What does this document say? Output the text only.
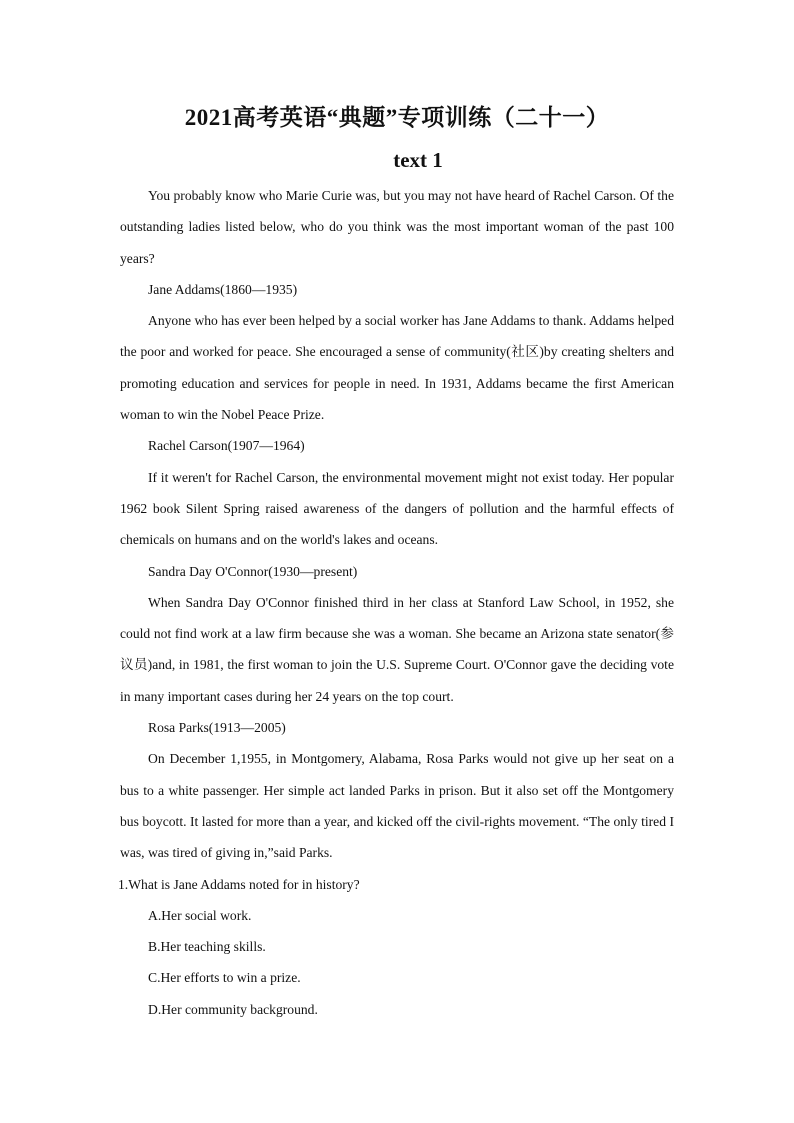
2021高考英语“典题”专项训练（二十一）
text 1

You probably know who Marie Curie was, but you may not have heard of Rachel Carson. Of the outstanding ladies listed below, who do you think was the most important woman of the past 100 years?

Jane Addams(1860—1935)

Anyone who has ever been helped by a social worker has Jane Addams to thank. Addams helped the poor and worked for peace. She encouraged a sense of community(社区)by creating shelters and promoting education and services for people in need. In 1931, Addams became the first American woman to win the Nobel Peace Prize.

Rachel Carson(1907—1964)

If it weren't for Rachel Carson, the environmental movement might not exist today. Her popular 1962 book Silent Spring raised awareness of the dangers of pollution and the harmful effects of chemicals on humans and on the world's lakes and oceans.

Sandra Day O'Connor(1930—present)

When Sandra Day O'Connor finished third in her class at Stanford Law School, in 1952, she could not find work at a law firm because she was a woman. She became an Arizona state senator(参议员)and, in 1981, the first woman to join the U.S. Supreme Court. O'Connor gave the deciding vote in many important cases during her 24 years on the top court.

Rosa Parks(1913—2005)

On December 1,1955, in Montgomery, Alabama, Rosa Parks would not give up her seat on a bus to a white passenger. Her simple act landed Parks in prison. But it also set off the Montgomery bus boycott. It lasted for more than a year, and kicked off the civil-rights movement. “The only tired I was, was tired of giving in,”said Parks.

1.What is Jane Addams noted for in history?

A.Her social work.

B.Her teaching skills.

C.Her efforts to win a prize.

D.Her community background.
